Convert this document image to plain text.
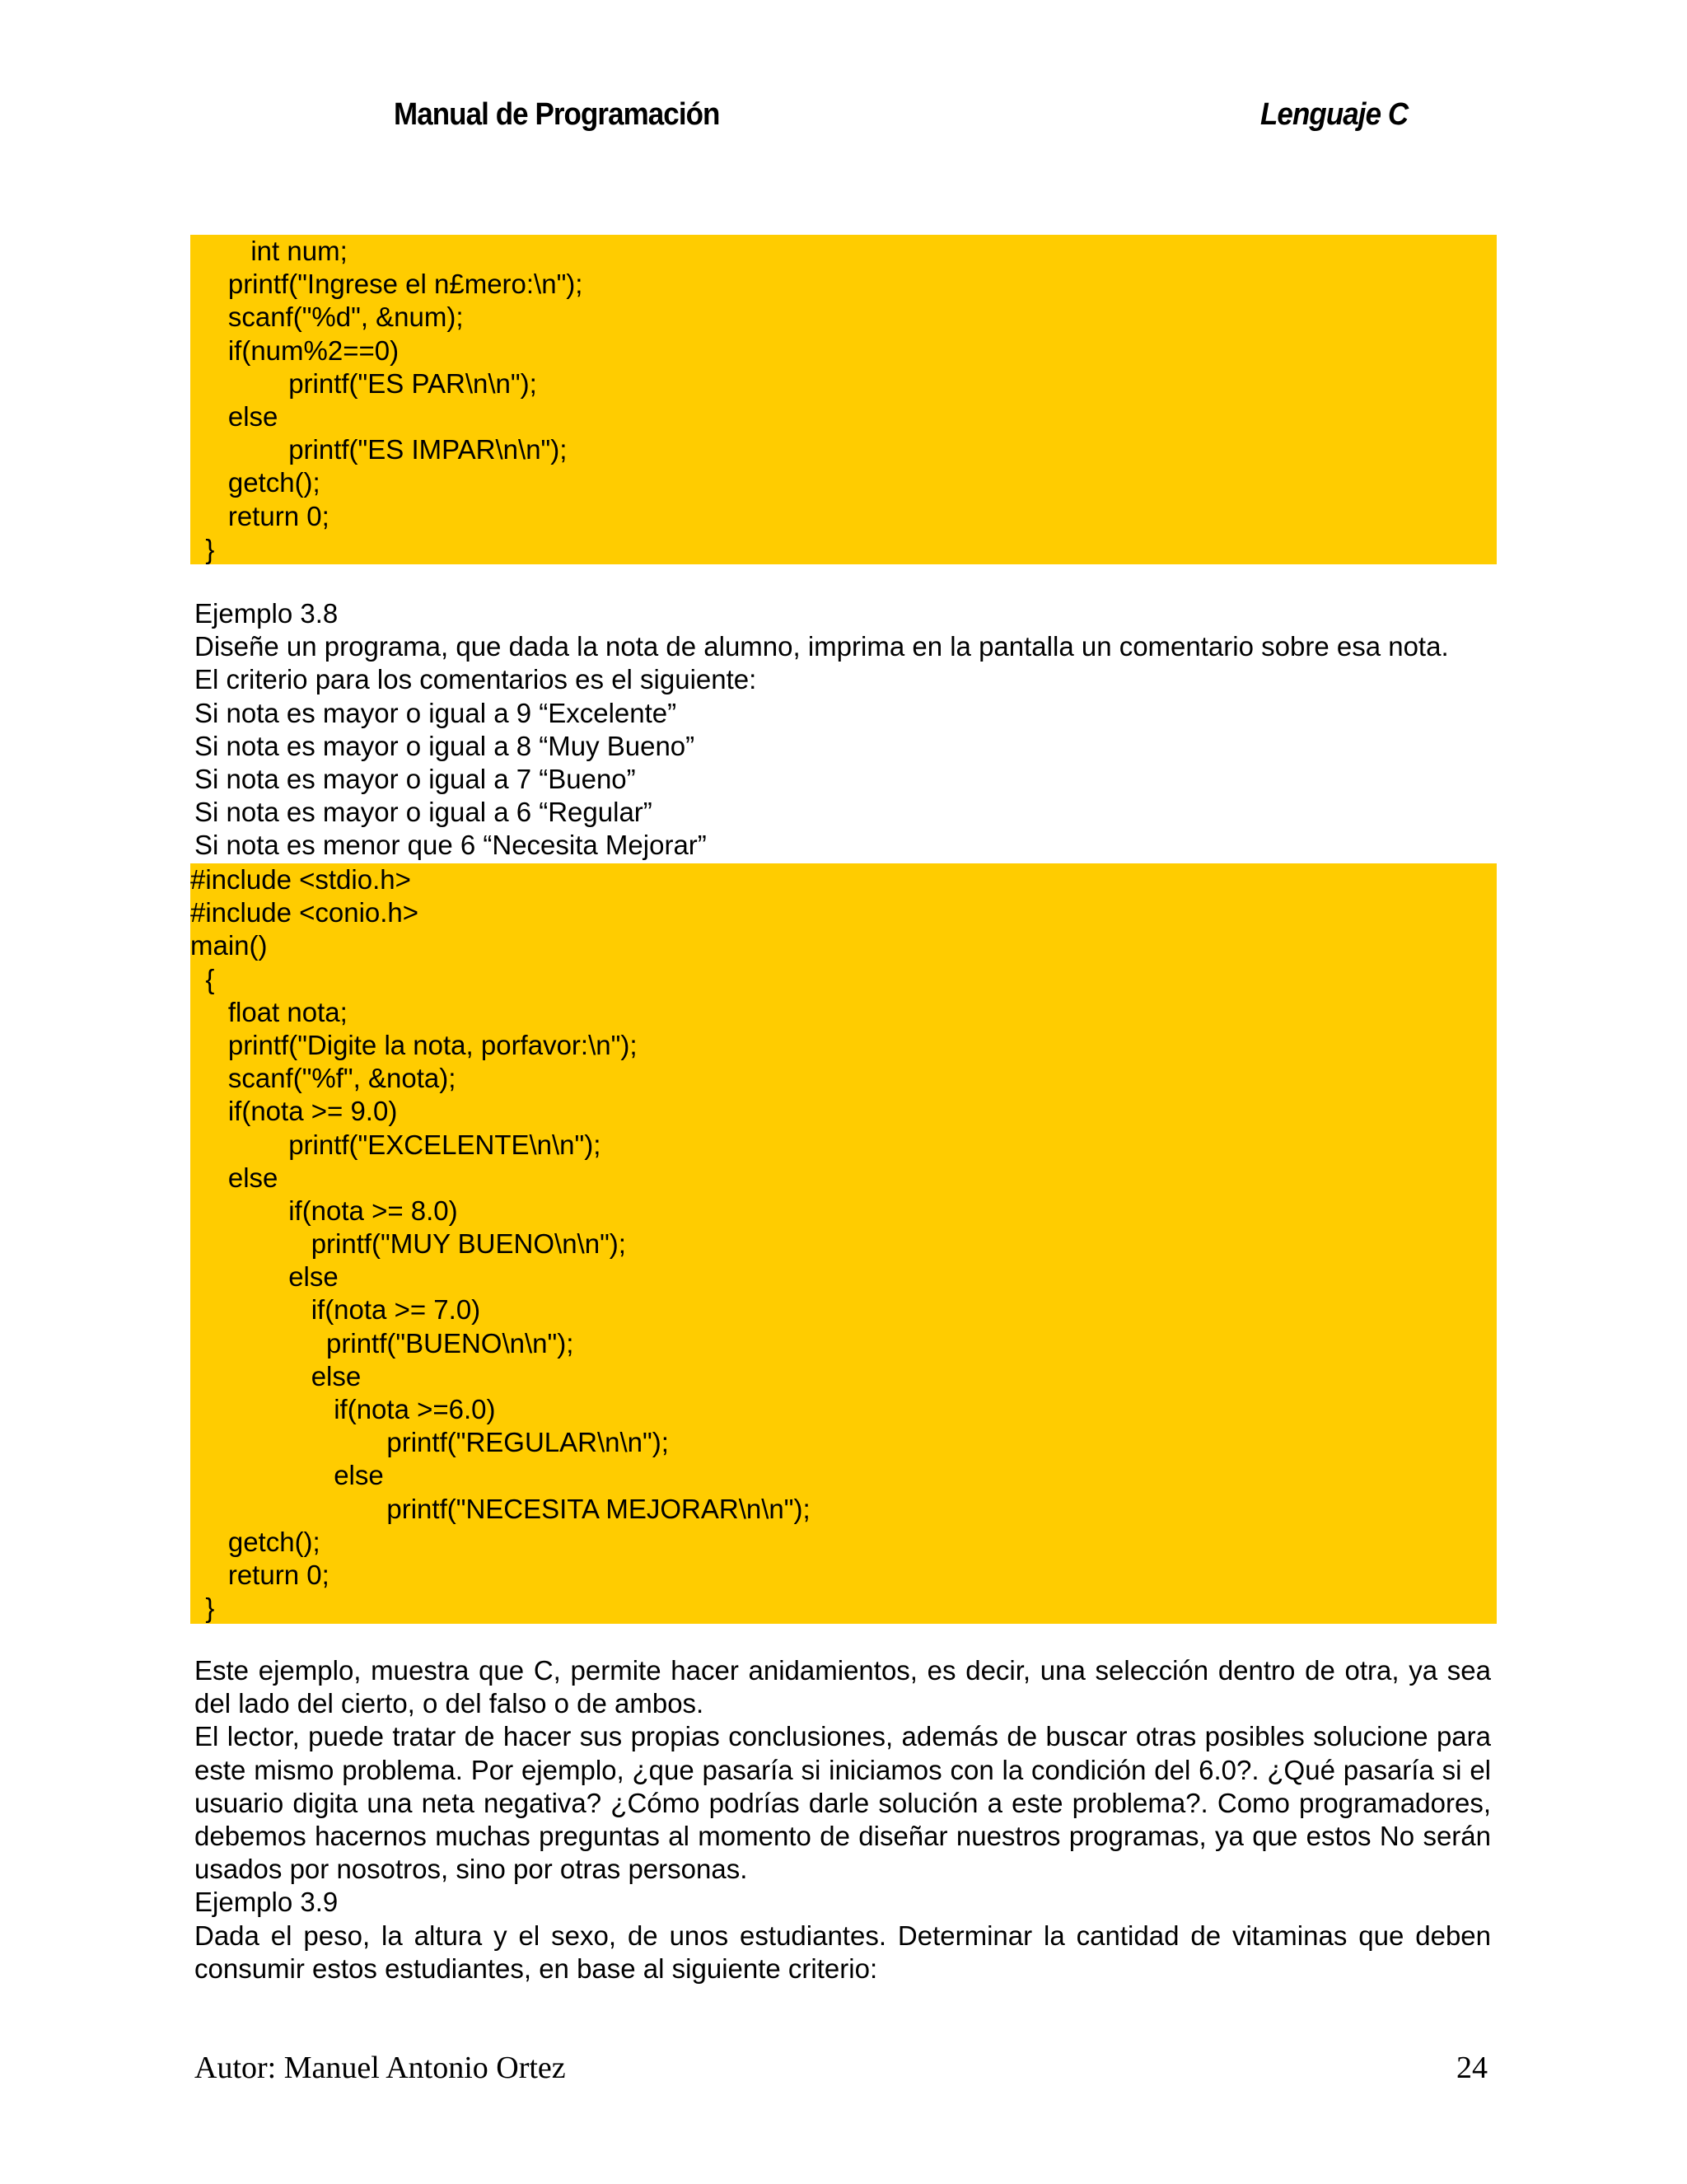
Manual de Programación	Lenguaje C
int num;
printf("Ingrese el n£mero:\n");
scanf("%d", &num);
if(num%2==0)
printf("ES PAR\n\n");
else
printf("ES IMPAR\n\n");
getch();
return 0;
}
Ejemplo 3.8
Diseñe un programa, que dada la nota de alumno, imprima en la pantalla un comentario sobre esa nota.
El criterio para los comentarios es el siguiente:
Si nota es mayor o igual a 9 “Excelente”
Si nota es mayor o igual a 8 “Muy Bueno”
Si nota es mayor o igual a 7 “Bueno”
Si nota es mayor o igual a 6 “Regular”
Si nota es menor que 6 “Necesita Mejorar”
#include <stdio.h>
#include <conio.h>
main()
{
float nota;
printf("Digite la nota, porfavor:\n");
scanf("%f", &nota);
if(nota >= 9.0)
printf("EXCELENTE\n\n");
else
if(nota >= 8.0)
printf("MUY BUENO\n\n");
else
if(nota >= 7.0)
printf("BUENO\n\n");
else
if(nota >=6.0)
printf("REGULAR\n\n");
else
printf("NECESITA MEJORAR\n\n");
getch();
return 0;
}
Este ejemplo, muestra que C, permite hacer anidamientos, es decir, una selección dentro de otra, ya sea del lado del cierto, o del falso o de ambos.
El lector, puede tratar de hacer sus propias conclusiones, además de buscar otras posibles solucione para este mismo problema. Por ejemplo, ¿que pasaría si iniciamos con la condición del 6.0?. ¿Qué pasaría si el usuario digita una neta negativa? ¿Cómo podrías darle solución a este problema?. Como programadores, debemos hacernos muchas preguntas al momento de diseñar nuestros programas, ya que estos No serán usados por nosotros, sino por otras personas.
Ejemplo 3.9
Dada el peso, la altura y el sexo, de unos estudiantes. Determinar la cantidad de vitaminas que deben consumir estos estudiantes, en base al siguiente criterio:
Autor: Manuel Antonio Ortez	24
